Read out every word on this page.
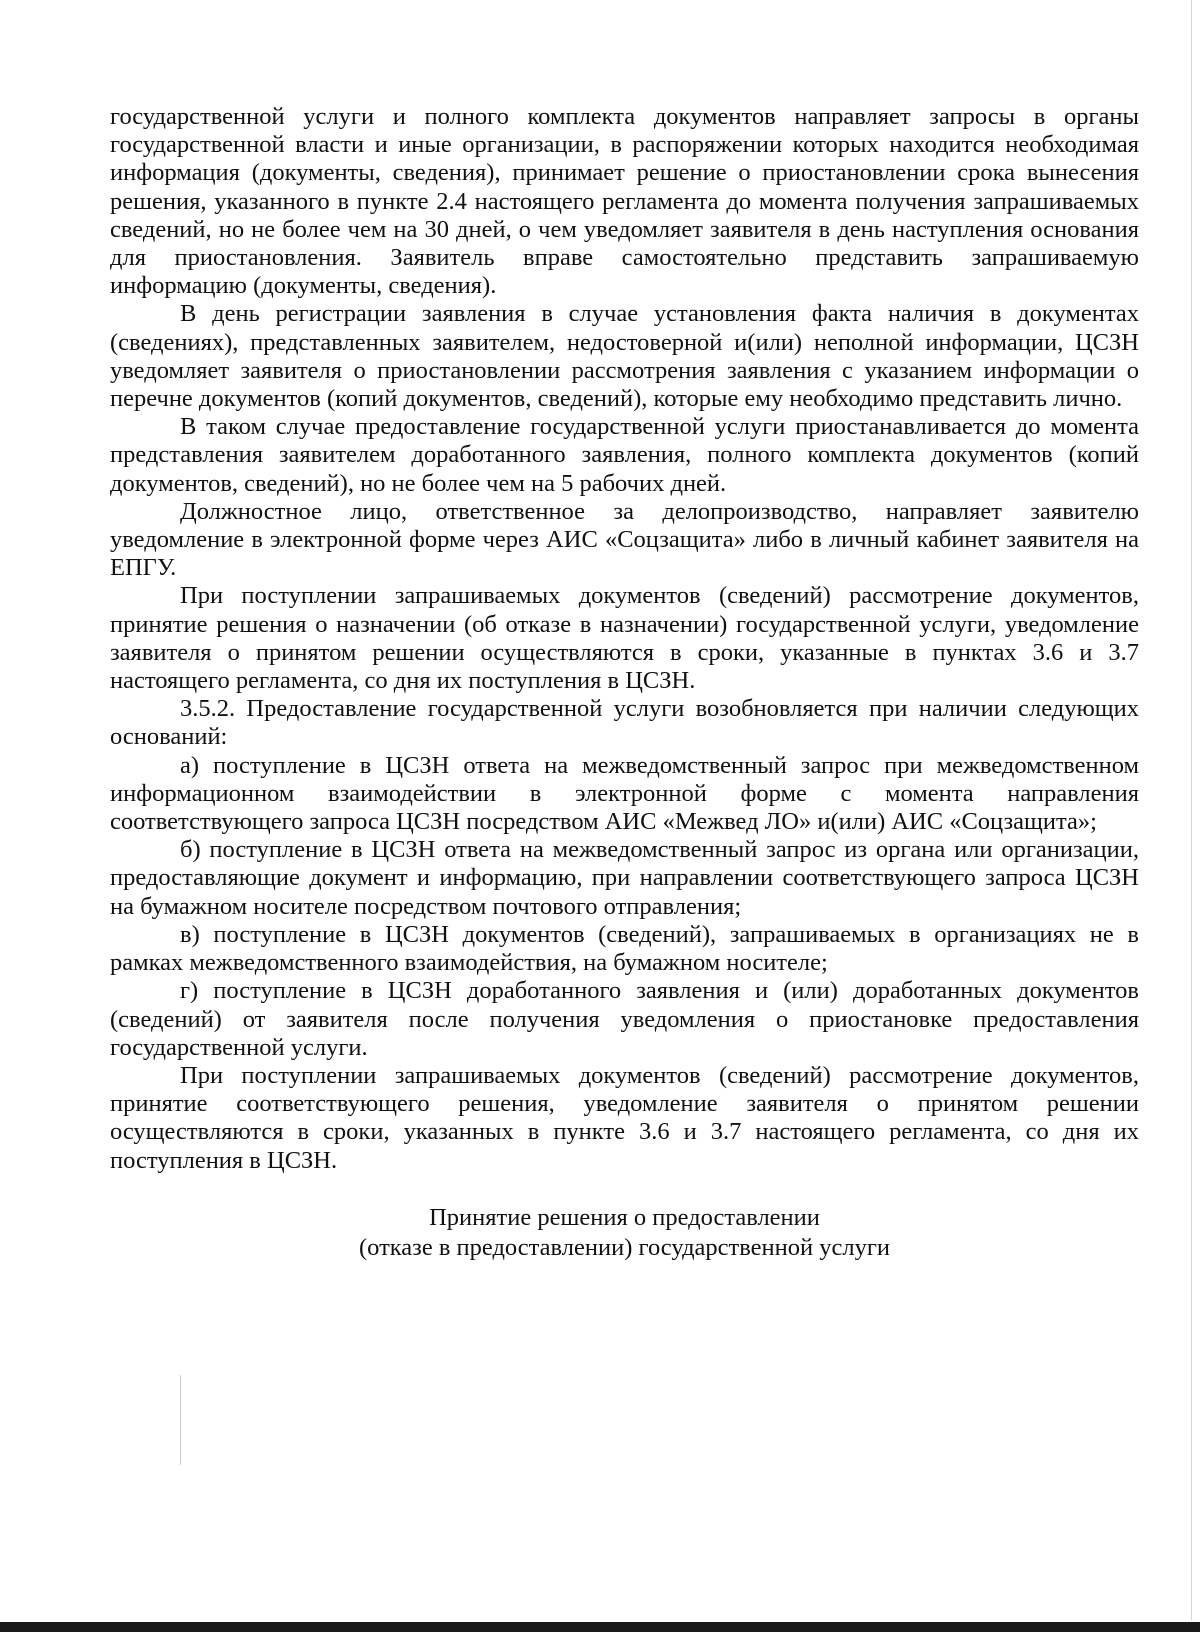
государственной услуги и полного комплекта документов направляет запросы в органы государственной власти и иные организации, в распоряжении которых находится необходимая информация (документы, сведения), принимает решение о приостановлении срока вынесения решения, указанного в пункте 2.4 настоящего регламента до момента получения запрашиваемых сведений, но не более чем на 30 дней, о чем уведомляет заявителя в день наступления основания для приостановления. Заявитель вправе самостоятельно представить запрашиваемую информацию (документы, сведения).

В день регистрации заявления в случае установления факта наличия в документах (сведениях), представленных заявителем, недостоверной и(или) неполной информации, ЦСЗН уведомляет заявителя о приостановлении рассмотрения заявления с указанием информации о перечне документов (копий документов, сведений), которые ему необходимо представить лично.

В таком случае предоставление государственной услуги приостанавливается до момента представления заявителем доработанного заявления, полного комплекта документов (копий документов, сведений), но не более чем на 5 рабочих дней.

Должностное лицо, ответственное за делопроизводство, направляет заявителю уведомление в электронной форме через АИС «Соцзащита» либо в личный кабинет заявителя на ЕПГУ.

При поступлении запрашиваемых документов (сведений) рассмотрение документов, принятие решения о назначении (об отказе в назначении) государственной услуги, уведомление заявителя о принятом решении осуществляются в сроки, указанные в пунктах 3.6 и 3.7 настоящего регламента, со дня их поступления в ЦСЗН.

3.5.2. Предоставление государственной услуги возобновляется при наличии следующих оснований:

а) поступление в ЦСЗН ответа на межведомственный запрос при межведомственном информационном взаимодействии в электронной форме с момента направления соответствующего запроса ЦСЗН посредством АИС «Межвед ЛО» и(или) АИС «Соцзащита»;

б) поступление в ЦСЗН ответа на межведомственный запрос из органа или организации, предоставляющие документ и информацию, при направлении соответствующего запроса ЦСЗН на бумажном носителе посредством почтового отправления;

в) поступление в ЦСЗН документов (сведений), запрашиваемых в организациях не в рамках межведомственного взаимодействия, на бумажном носителе;

г) поступление в ЦСЗН доработанного заявления и (или) доработанных документов (сведений) от заявителя после получения уведомления о приостановке предоставления государственной услуги.

При поступлении запрашиваемых документов (сведений) рассмотрение документов, принятие соответствующего решения, уведомление заявителя о принятом решении осуществляются в сроки, указанных в пункте 3.6 и 3.7 настоящего регламента, со дня их поступления в ЦСЗН.

Принятие решения о предоставлении
(отказе в предоставлении) государственной услуги
